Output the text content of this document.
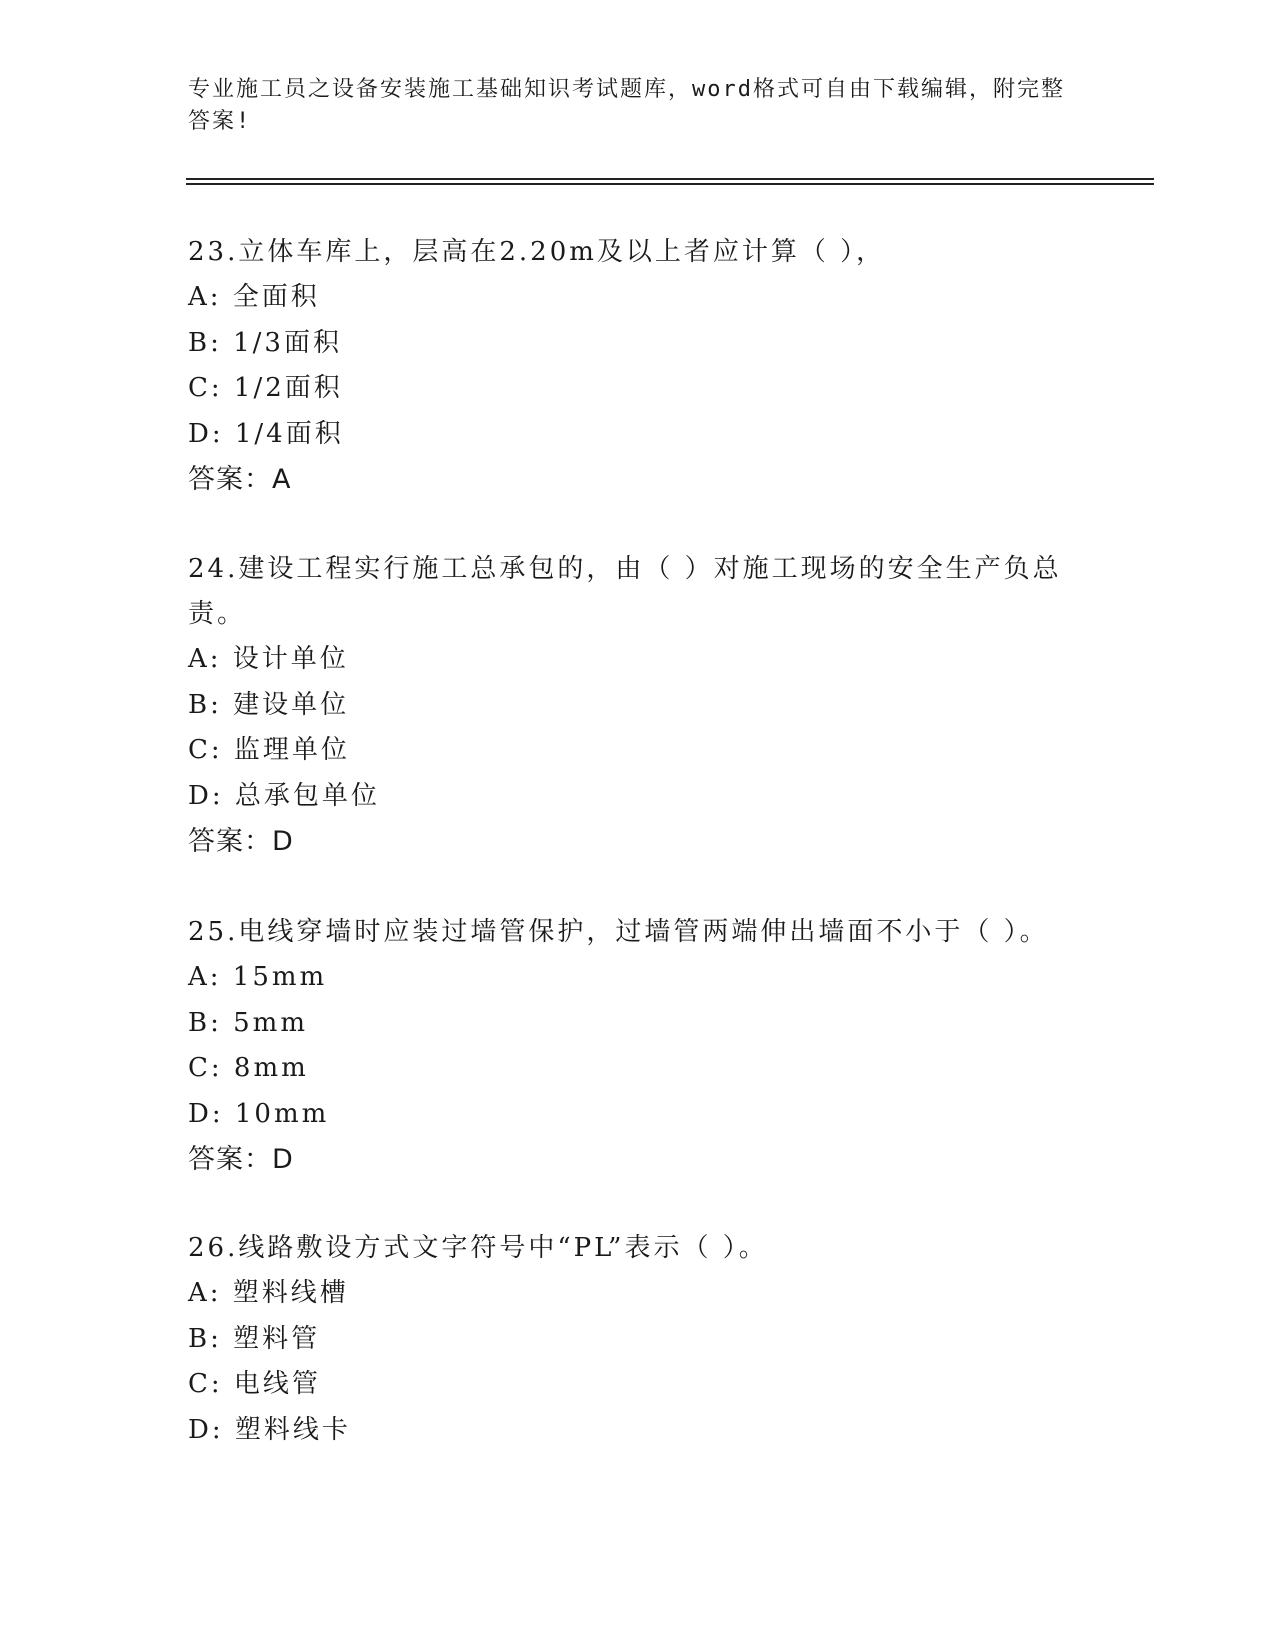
专业施工员之设备安装施工基础知识考试题库，word格式可自由下载编辑，附完整答案!

23.立体车库上，层高在2.20m及以上者应计算（ ），

A: 全面积

B: 1/3面积

C: 1/2面积

D: 1/4面积

答案：A

24.建设工程实行施工总承包的，由（ ）对施工现场的安全生产负总责。

A: 设计单位

B: 建设单位

C: 监理单位

D: 总承包单位

答案：D

25.电线穿墙时应装过墙管保护，过墙管两端伸出墙面不小于（ ）。

A: 15mm

B: 5mm

C: 8mm

D: 10mm

答案：D

26.线路敷设方式文字符号中“PL”表示（ ）。

A: 塑料线槽

B: 塑料管

C: 电线管

D: 塑料线卡
